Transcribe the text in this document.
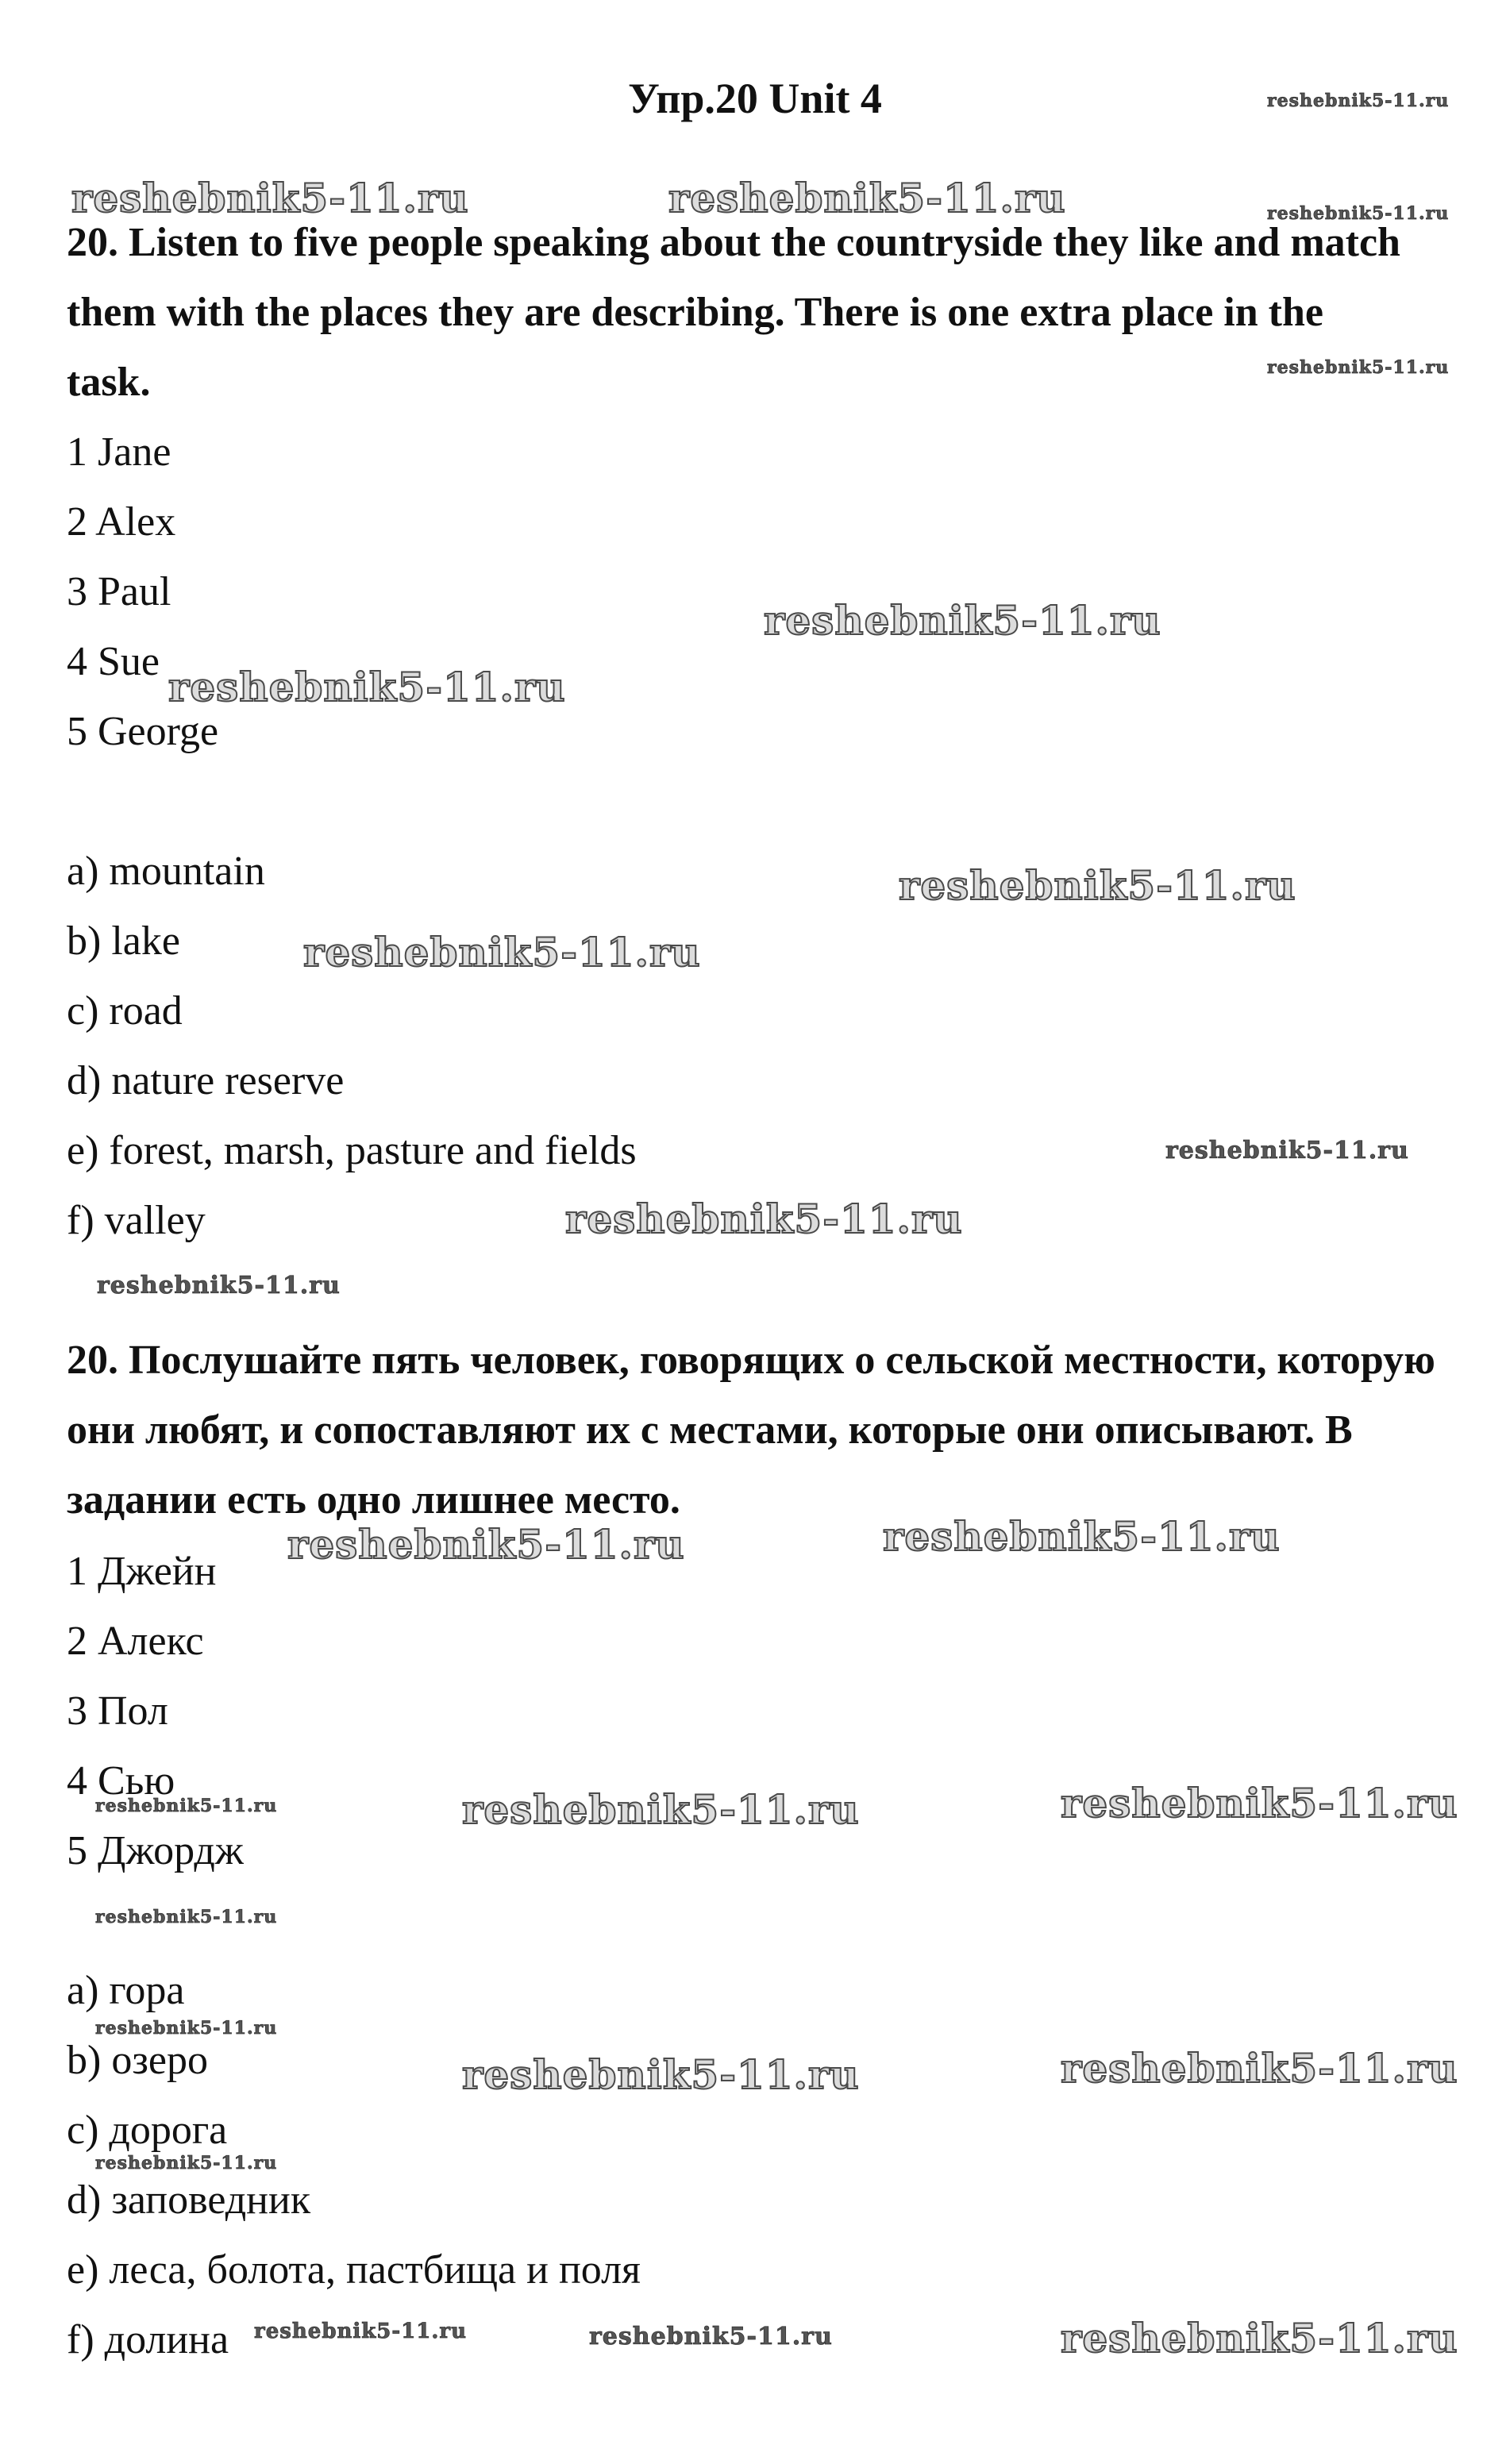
Упр.20 Unit 4
20. Listen to five people speaking about the countryside they like and match them with the places they are describing. There is one extra place in the task.
1 Jane
2 Alex
3 Paul
4 Sue
5 George
a) mountain
b) lake
c) road
d) nature reserve
e) forest, marsh, pasture and fields
f) valley
20. Послушайте пять человек, говорящих о сельской местности, которую они любят, и сопоставляют их с местами, которые они описывают. В задании есть одно лишнее место.
1 Джейн
2 Алекс
3 Пол
4 Сью
5 Джордж
a) гора
b) озеро
c) дорога
d) заповедник
e) леса, болота, пастбища и поля
f) долина
reshebnik5-11.ru
reshebnik5-11.ru	reshebnik5-11.ru	reshebnik5-11.ru
reshebnik5-11.ru
reshebnik5-11.ru
reshebnik5-11.ru
reshebnik5-11.ru
reshebnik5-11.ru
reshebnik5-11.ru
reshebnik5-11.ru
reshebnik5-11.ru
reshebnik5-11.ru	reshebnik5-11.ru
reshebnik5-11.ru	reshebnik5-11.ru	reshebnik5-11.ru
reshebnik5-11.ru
reshebnik5-11.ru
reshebnik5-11.ru	reshebnik5-11.ru
reshebnik5-11.ru
reshebnik5-11.ru	reshebnik5-11.ru	reshebnik5-11.ru
